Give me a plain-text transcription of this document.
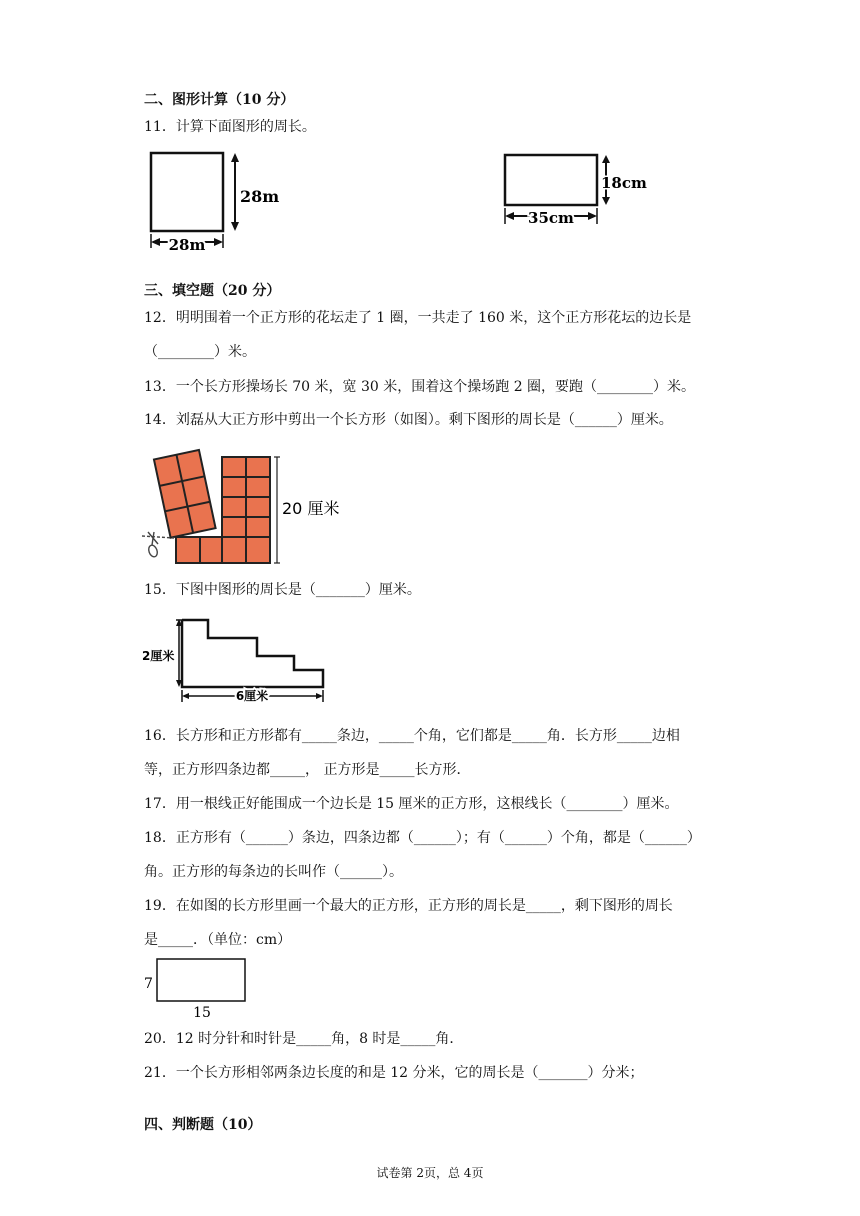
二、图形计算（10 分）

11．计算下面图形的周长。

28m
28m
18cm
35cm

三、填空题（20 分）

12．明明围着一个正方形的花坛走了 1 圈，一共走了 160 米，这个正方形花坛的边长是

（________）米。

13．一个长方形操场长 70 米，宽 30 米，围着这个操场跑 2 圈，要跑（________）米。

14．刘磊从大正方形中剪出一个长方形（如图）。剩下图形的周长是（______）厘米。

20 厘米

15．下图中图形的周长是（_______）厘米。

2厘米
6厘米

16．长方形和正方形都有_____条边，_____个角，它们都是_____角．长方形_____边相

等，正方形四条边都_____， 正方形是_____长方形．

17．用一根线正好能围成一个边长是 15 厘米的正方形，这根线长（________）厘米。

18．正方形有（______）条边，四条边都（______）；有（______）个角，都是（______）

角。正方形的每条边的长叫作（______）。

19．在如图的长方形里画一个最大的正方形，正方形的周长是_____，剩下图形的周长

是_____．（单位：cm）

7
15

20．12 时分针和时针是_____角，8 时是_____角．

21．一个长方形相邻两条边长度的和是 12 分米，它的周长是（_______）分米；

四、判断题（10）

试卷第 2页，总 4页
